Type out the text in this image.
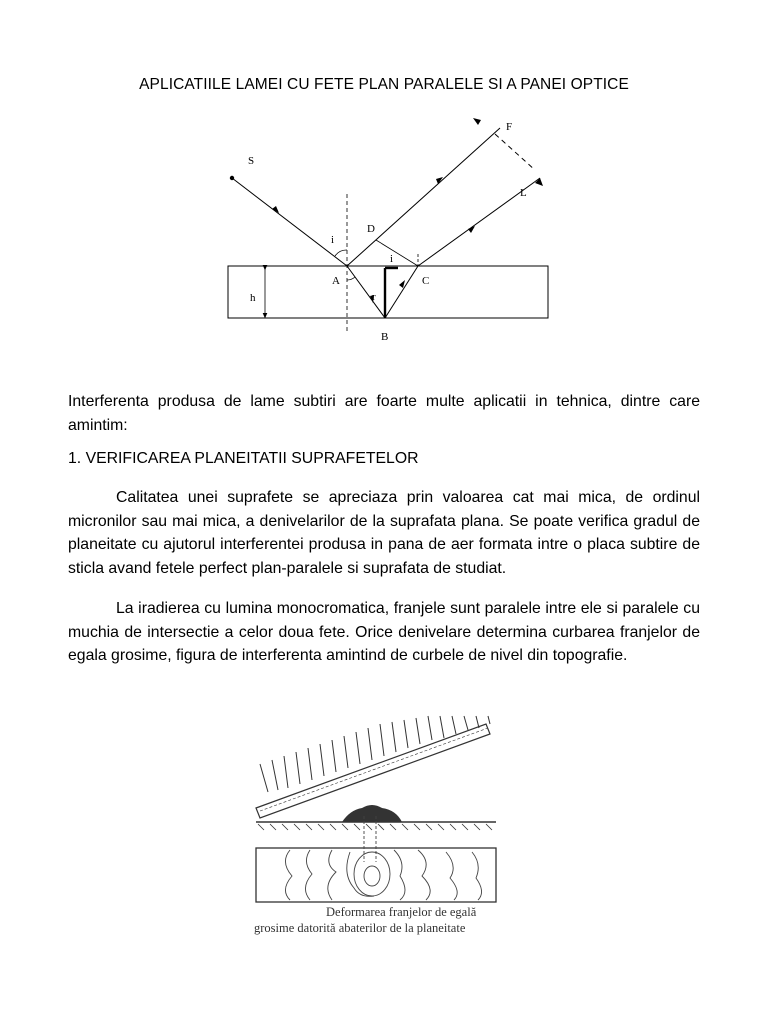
APLICATIILE LAMEI CU FETE PLAN PARALELE SI A PANEI OPTICE
S
F
D
L
i
i
A	C
h	r
B

Interferenta produsa de lame subtiri are foarte multe aplicatii in tehnica, dintre care amintim:

1. VERIFICAREA PLANEITATII SUPRAFETELOR

Calitatea unei suprafete se apreciaza prin valoarea cat mai mica, de ordinul micronilor sau mai mica, a denivelarilor de la suprafata plana. Se poate verifica gradul de planeitate cu ajutorul interferentei produsa in pana de aer formata intre o placa subtire de sticla avand fetele perfect plan-paralele si suprafata de studiat.

La iradierea cu lumina monocromatica, franjele sunt paralele intre ele si paralele cu muchia de intersectie a celor doua fete. Orice denivelare determina curbarea franjelor de egala grosime, figura de interferenta amintind de curbele de nivel din topografie.

Deformarea franjelor de egală
grosime datorită abaterilor de la planeitate
